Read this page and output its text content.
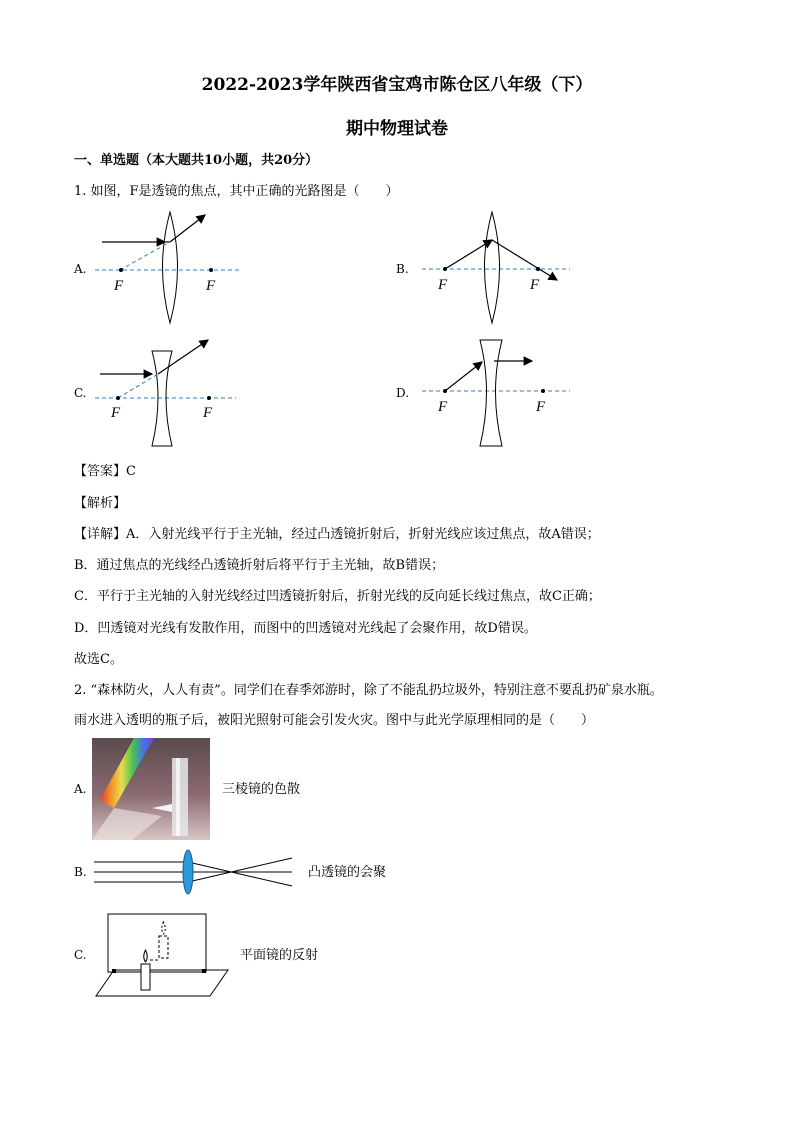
2022-2023学年陕西省宝鸡市陈仓区八年级（下）
期中物理试卷
一、单选题（本大题共10小题，共20分）
1. 如图，F是透镜的焦点，其中正确的光路图是（　　）
A.	B.
C.	D.
F	F	F	F
F	F	F	F
【答案】C
【解析】
【详解】A．入射光线平行于主光轴，经过凸透镜折射后，折射光线应该过焦点，故A错误；
B．通过焦点的光线经凸透镜折射后将平行于主光轴，故B错误；
C．平行于主光轴的入射光线经过凹透镜折射后，折射光线的反向延长线过焦点，故C正确；
D．凹透镜对光线有发散作用，而图中的凹透镜对光线起了会聚作用，故D错误。
故选C。
2. “森林防火，人人有责”。同学们在春季郊游时，除了不能乱扔垃圾外，特别注意不要乱扔矿泉水瓶。
雨水进入透明的瓶子后，被阳光照射可能会引发火灾。图中与此光学原理相同的是（　　）
A.	三棱镜的色散
B.	凸透镜的会聚
C.	平面镜的反射
